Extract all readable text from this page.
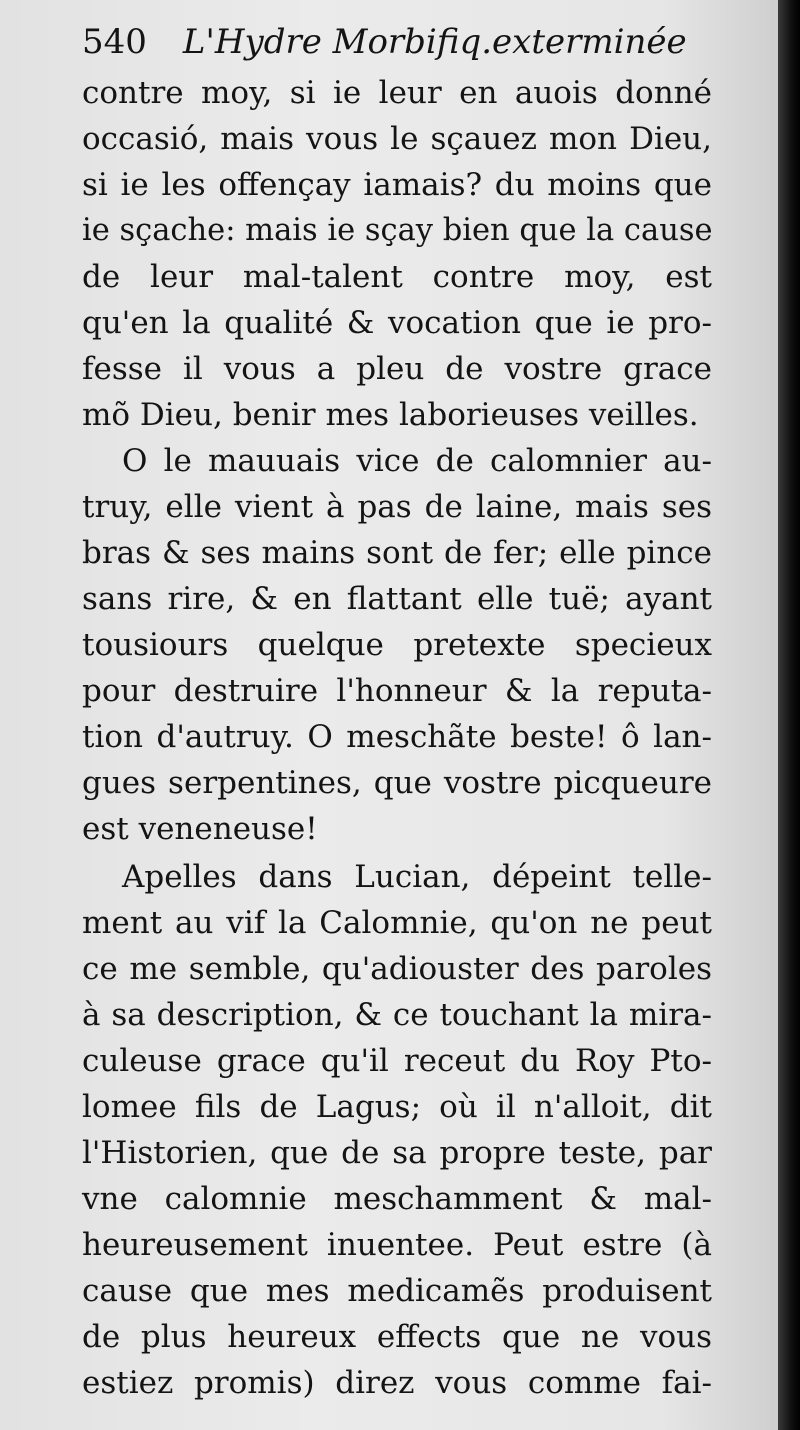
540 L'Hydre Morbifiq.exterminée
contre moy, si ie leur en auois donné
occasió, mais vous le sçauez mon Dieu,
si ie les offençay iamais? du moins que
ie sçache: mais ie sçay bien que la cause
de leur mal-talent contre moy, est
qu'en la qualité & vocation que ie pro-
fesse il vous a pleu de vostre grace
mõ Dieu, benir mes laborieuses veilles.
O le mauuais vice de calomnier au-
truy, elle vient à pas de laine, mais ses
bras & ses mains sont de fer; elle pince
sans rire, & en flattant elle tuë; ayant
tousiours quelque pretexte specieux
pour destruire l'honneur & la reputa-
tion d'autruy. O meschãte beste! ô lan-
gues serpentines, que vostre picqueure
est veneneuse!
Apelles dans Lucian, dépeint telle-
ment au vif la Calomnie, qu'on ne peut
ce me semble, qu'adiouster des paroles
à sa description, & ce touchant la mira-
culeuse grace qu'il receut du Roy Pto-
lomee fils de Lagus; où il n'alloit, dit
l'Historien, que de sa propre teste, par
vne calomnie meschamment & mal-
heureusement inuentee. Peut estre (à
cause que mes medicamẽs produisent
de plus heureux effects que ne vous
estiez promis) direz vous comme fai-
